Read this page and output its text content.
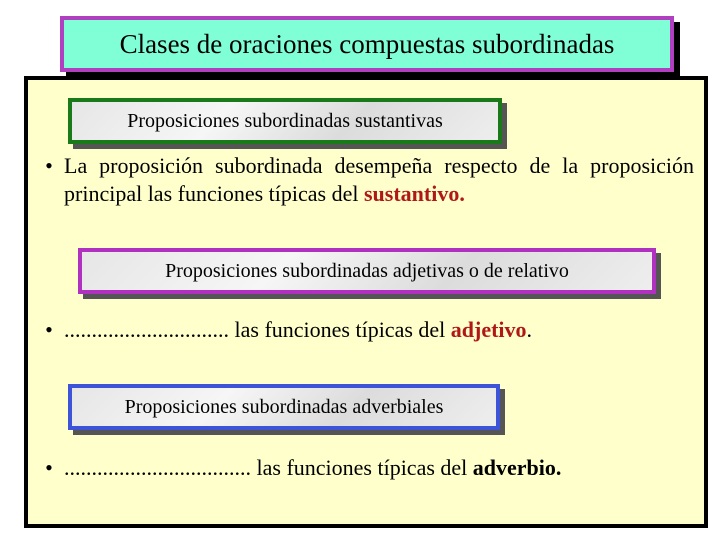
Clases de oraciones compuestas subordinadas
Proposiciones subordinadas sustantivas
• La proposición subordinada desempeña respecto de la proposición principal las funciones típicas del sustantivo.
Proposiciones subordinadas adjetivas o de relativo
• .............................. las funciones típicas del adjetivo.
Proposiciones subordinadas adverbiales
• .................................. las funciones típicas del adverbio.
